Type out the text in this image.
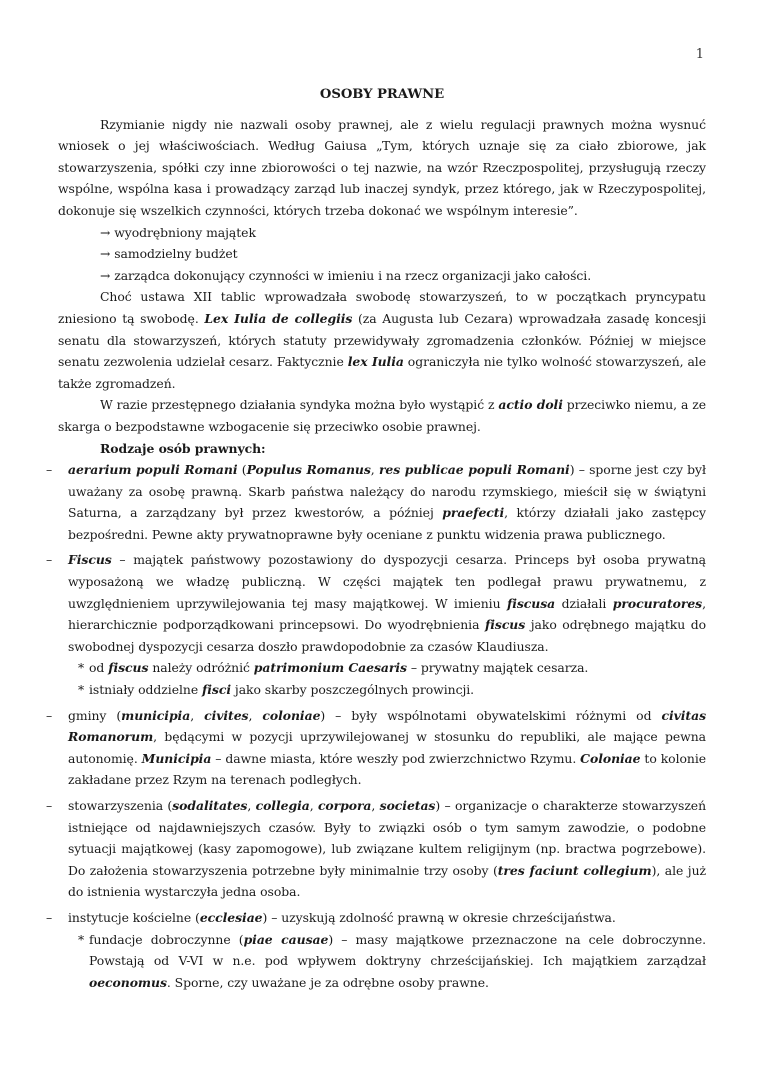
1
OSOBY PRAWNE

Rzymianie nigdy nie nazwali osoby prawnej, ale z wielu regulacji prawnych można wysnuć wniosek o jej właściwościach. Według Gaiusa „Tym, których uznaje się za ciało zbiorowe, jak stowarzyszenia, spółki czy inne zbiorowości o tej nazwie, na wzór Rzeczpospolitej, przysługują rzeczy wspólne, wspólna kasa i prowadzący zarząd lub inaczej syndyk, przez którego, jak w Rzeczypospolitej, dokonuje się wszelkich czynności, których trzeba dokonać we wspólnym interesie”.

→ wyodrębniony majątek

→ samodzielny budżet

→ zarządca dokonujący czynności w imieniu i na rzecz organizacji jako całości.

Choć ustawa XII tablic wprowadzała swobodę stowarzyszeń, to w początkach pryncypatu zniesiono tą swobodę. Lex Iulia de collegiis (za Augusta lub Cezara) wprowadzała zasadę koncesji senatu dla stowarzyszeń, których statuty przewidywały zgromadzenia członków. Później w miejsce senatu zezwolenia udzielał cesarz. Faktycznie lex Iulia ograniczyła nie tylko wolność stowarzyszeń, ale także zgromadzeń.

W razie przestępnego działania syndyka można było wystąpić z actio doli przeciwko niemu, a ze skarga o bezpodstawne wzbogacenie się przeciwko osobie prawnej.

Rodzaje osób prawnych:

– aerarium populi Romani (Populus Romanus, res publicae populi Romani) – sporne jest czy był uważany za osobę prawną. Skarb państwa należący do narodu rzymskiego, mieścił się w świątyni Saturna, a zarządzany był przez kwestorów, a później praefecti, którzy działali jako zastępcy bezpośredni. Pewne akty prywatnoprawne były oceniane z punktu widzenia prawa publicznego.
– Fiscus – majątek państwowy pozostawiony do dyspozycji cesarza. Princeps był osoba prywatną wyposażoną we władzę publiczną. W części majątek ten podlegał prawu prywatnemu, z uwzględnieniem uprzywilejowania tej masy majątkowej. W imieniu fiscusa działali procuratores, hierarchicznie podporządkowani princepsowi. Do wyodrębnienia fiscus jako odrębnego majątku do swobodnej dyspozycji cesarza doszło prawdopodobnie za czasów Klaudiusza.
* od fiscus należy odróżnić patrimonium Caesaris – prywatny majątek cesarza.
* istniały oddzielne fisci jako skarby poszczególnych prowincji.
– gminy (municipia, civites, coloniae) – były wspólnotami obywatelskimi różnymi od civitas Romanorum, będącymi w pozycji uprzywilejowanej w stosunku do republiki, ale mające pewna autonomię. Municipia – dawne miasta, które weszły pod zwierzchnictwo Rzymu. Coloniae to kolonie zakładane przez Rzym na terenach podległych.
– stowarzyszenia (sodalitates, collegia, corpora, societas) – organizacje o charakterze stowarzyszeń istniejące od najdawniejszych czasów. Były to związki osób o tym samym zawodzie, o podobne sytuacji majątkowej (kasy zapomogowe), lub związane kultem religijnym (np. bractwa pogrzebowe). Do założenia stowarzyszenia potrzebne były minimalnie trzy osoby (tres faciunt collegium), ale już do istnienia wystarczyła jedna osoba.
– instytucje kościelne (ecclesiae) – uzyskują zdolność prawną w okresie chrześcijaństwa.
* fundacje dobroczynne (piae causae) – masy majątkowe przeznaczone na cele dobroczynne. Powstają od V-VI w n.e. pod wpływem doktryny chrześcijańskiej. Ich majątkiem zarządzał oeconomus. Sporne, czy uważane je za odrębne osoby prawne.
